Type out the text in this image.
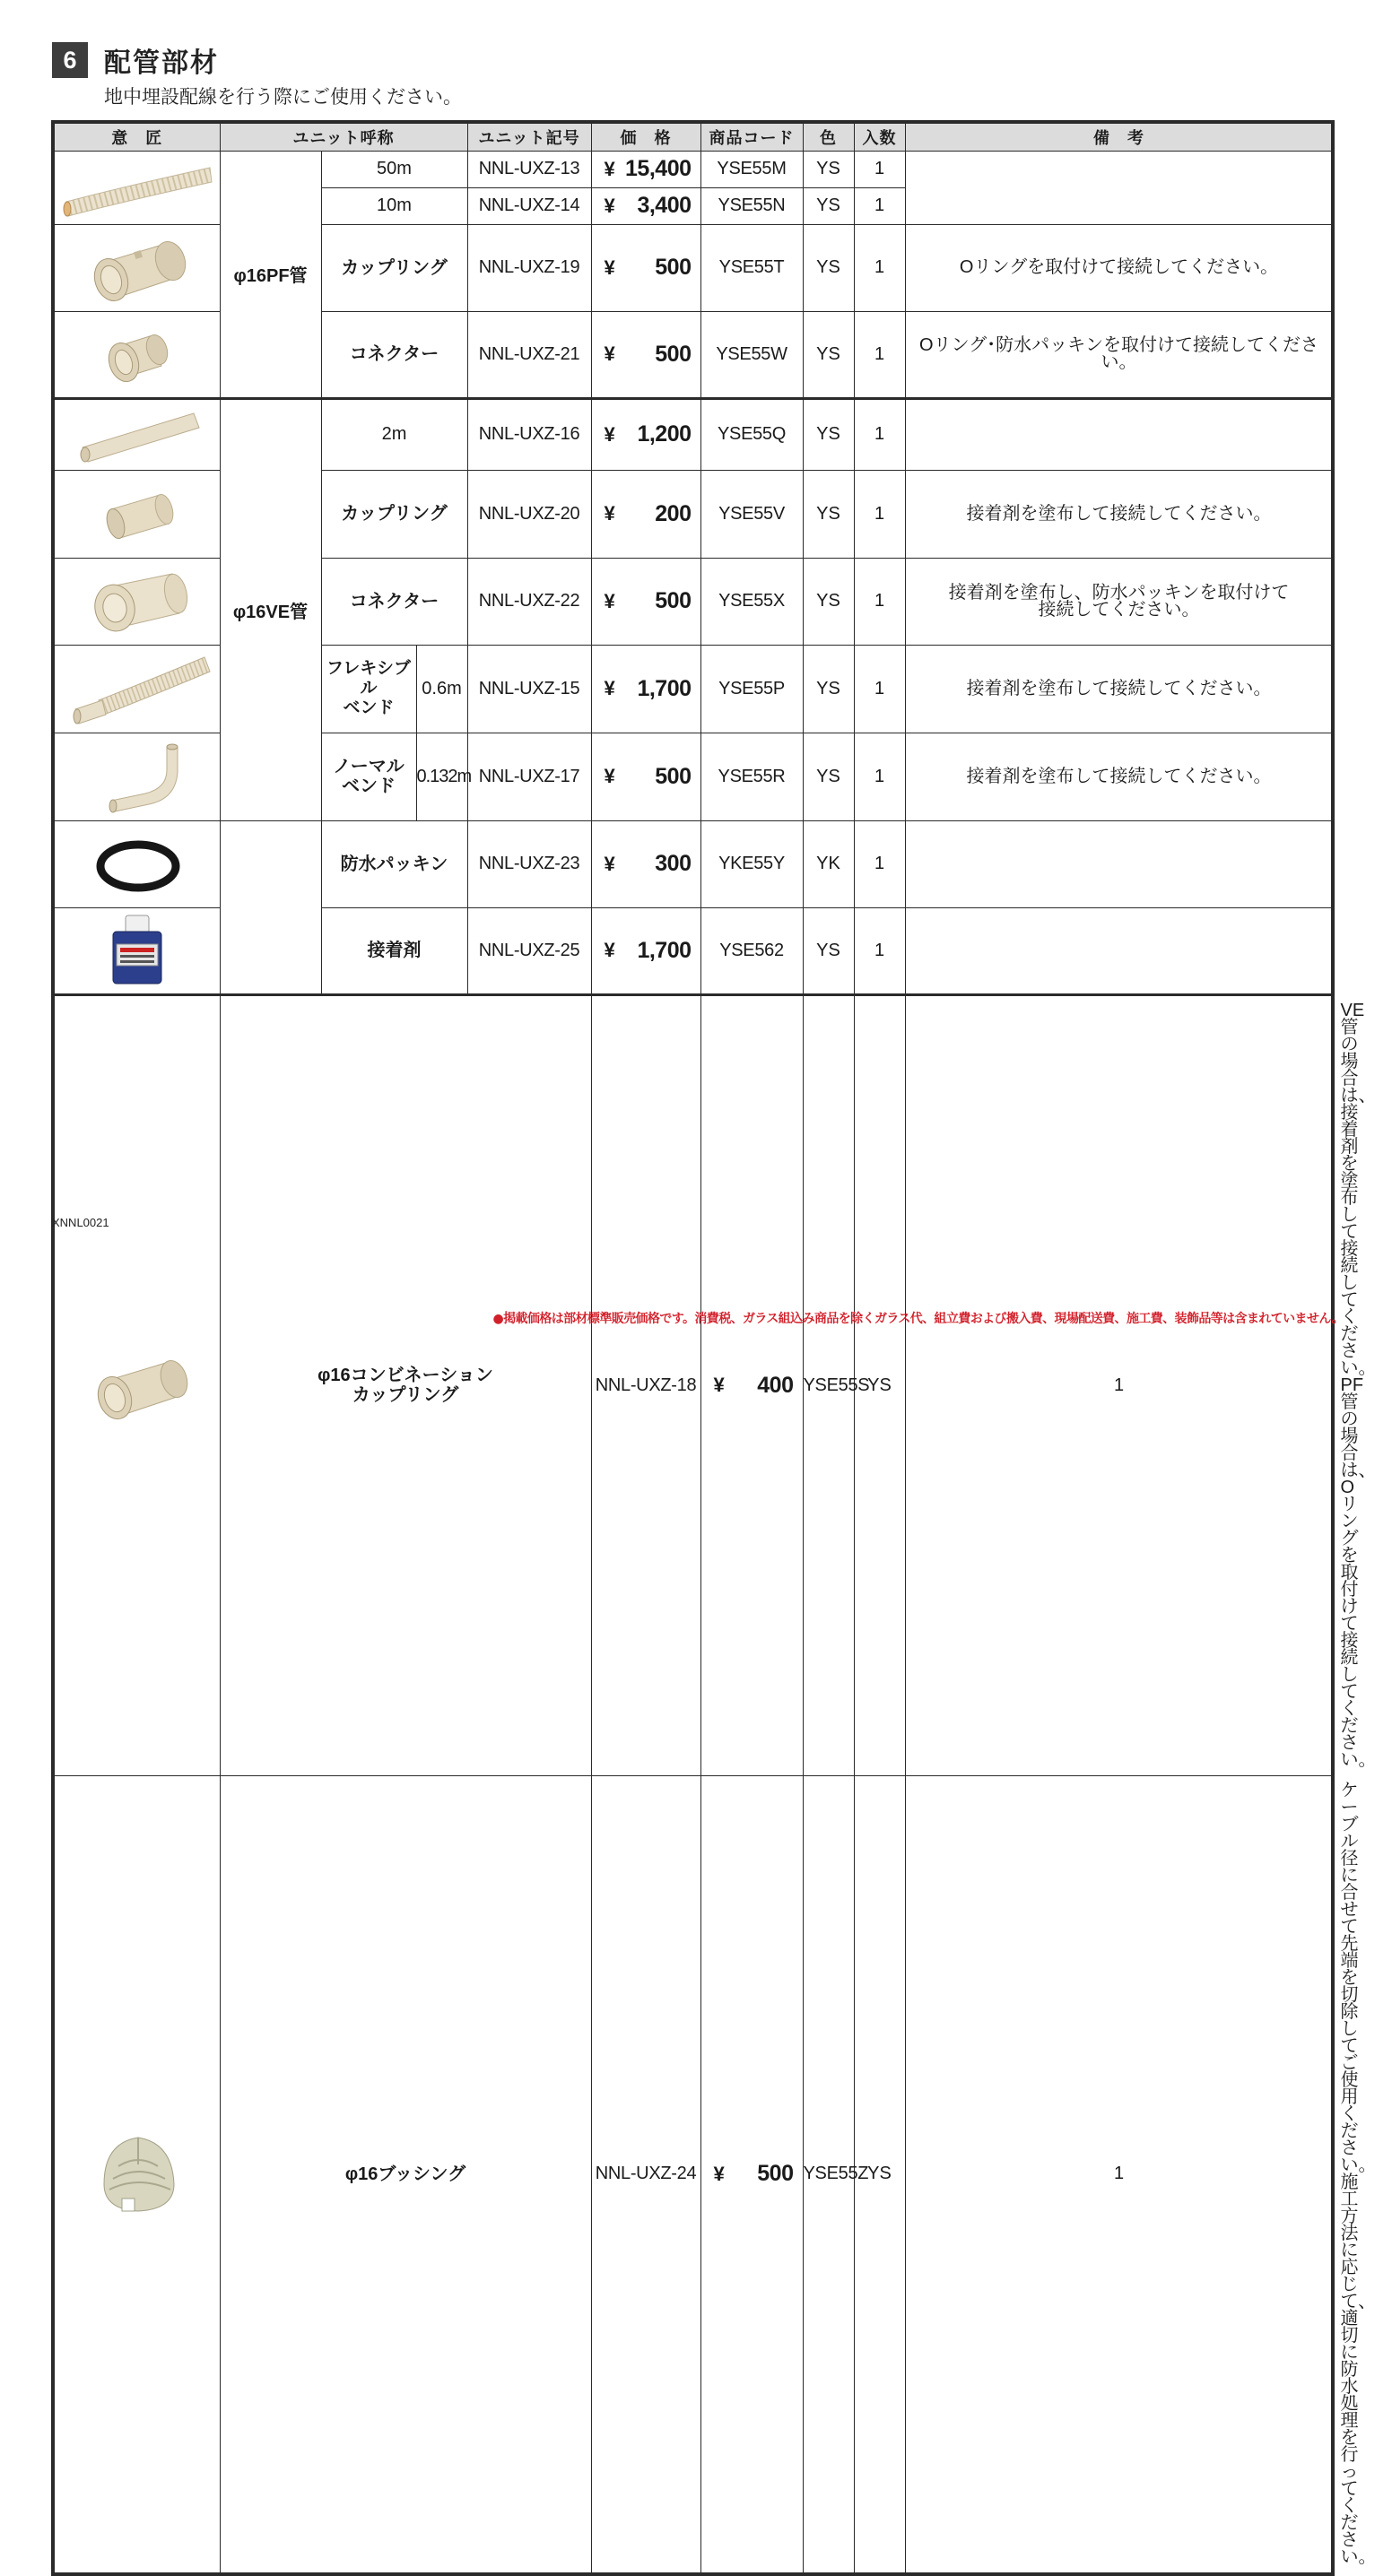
6	配管部材
地中埋設配線を行う際にご使用ください。
意　匠	ユニット呼称			ユニット記号	価　格	商品コード	色	入数	備　考	

	φ16PF管	50m		NNL-UXZ-13	¥ 15,400	YSE55M	YS	1		
		10m		NNL-UXZ-14	¥ 3,400	YSE55N	YS	1		

	カップリング		NNL-UXZ-19	¥ 500	YSE55T	YS	1	Oリングを取付けて接続してください。	

	コネクター		NNL-UXZ-21	¥ 500	YSE55W	YS	1	Oリング･防水パッキンを取付けて接続してください。	

	φ16VE管	2m		NNL-UXZ-16	¥ 1,200	YSE55Q	YS	1		

	カップリング		NNL-UXZ-20	¥ 200	YSE55V	YS	1	接着剤を塗布して接続してください。	

	コネクター		NNL-UXZ-22	¥ 500	YSE55X	YS	1	接着剤を塗布し、防水パッキンを取付けて
接続してください。	

	フレキシブル
ベンド	0.6m	NNL-UXZ-15	¥ 1,700	YSE55P	YS	1	接着剤を塗布して接続してください。	

	ノーマル
ベンド	0.132m	NNL-UXZ-17	¥ 500	YSE55R	YS	1	接着剤を塗布して接続してください。	

		防水パッキン		NNL-UXZ-23	¥ 300	YKE55Y	YK	1		

	接着剤		NNL-UXZ-25	¥ 1,700	YSE562	YS	1		

	φ16コンビネーション
カップリング				NNL-UXZ-18	¥ 400	YSE55S	YS	1	VE管の場合は、接着剤を塗布して接続してください。
PF管の場合は、Oリングを取付けて接続してください。

	φ16ブッシング				NNL-UXZ-24	¥ 500	YSE55Z	YS	1	ケーブル径に合せて先端を切除してご使用ください。
施工方法に応じて、適切に防水処理を行ってください。
XNNL0021
●掲載価格は部材標準販売価格です。消費税、ガラス組込み商品を除くガラス代、組立費および搬入費、現場配送費、施工費、装飾品等は含まれていません。
